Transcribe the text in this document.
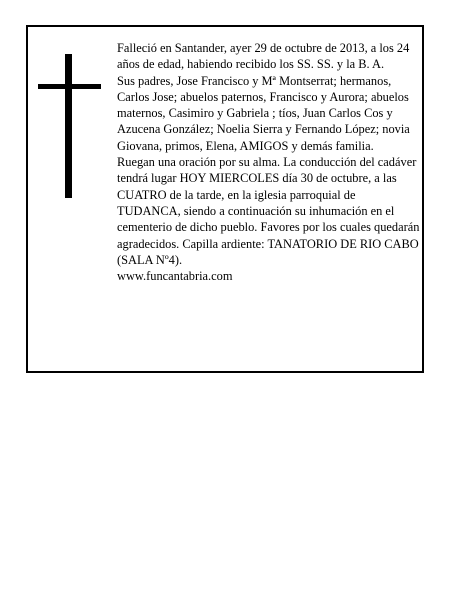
Falleció en Santander, ayer 29 de octubre de 2013, a los 24 años de edad, habiendo recibido los SS. SS. y la B. A.

Sus padres, Jose Francisco y Mª Montserrat; hermanos, Carlos Jose; abuelos paternos, Francisco y Aurora; abuelos maternos, Casimiro y Gabriela ; tíos, Juan Carlos Cos y Azucena González; Noelia Sierra y Fernando López; novia Giovana, primos, Elena, AMIGOS y demás familia.

Ruegan una oración por su alma. La conducción del cadáver tendrá lugar HOY MIERCOLES día 30 de octubre, a las CUATRO de la tarde, en la iglesia parroquial de TUDANCA, siendo a continuación su inhumación en el cementerio de dicho pueblo. Favores por los cuales quedarán agradecidos. Capilla ardiente: TANATORIO DE RIO CABO (SALA Nº4).

www.funcantabria.com
